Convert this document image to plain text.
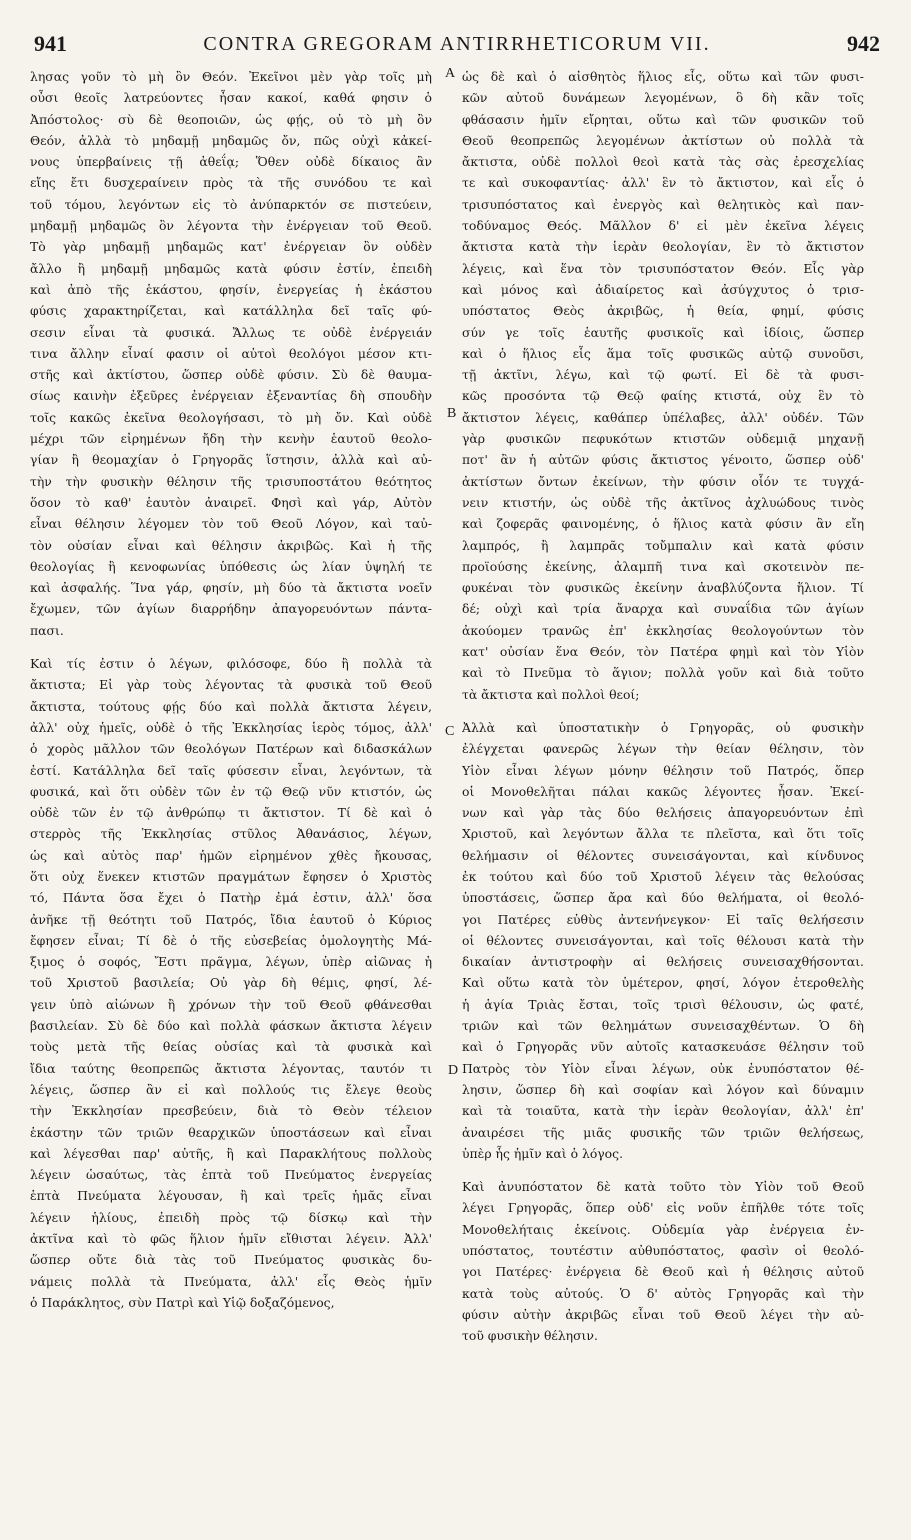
941	CONTRA GREGORAM ANTIRRHETICORUM VII.	942
λησας γοῦν τὸ μὴ ὂν Θεόν. Ἐκεῖνοι μὲν γὰρ τοῖς μὴ
οὖσι θεοῖς λατρεύοντες ἦσαν κακοί, καθά φησιν ὁ
Ἀπόστολος· σὺ δὲ θεοποιῶν, ὡς φῄς, οὐ τὸ μὴ ὂν
Θεόν, ἀλλὰ τὸ μηδαμῇ μηδαμῶς ὄν, πῶς οὐχὶ κἀκεί-
νους ὑπερβαίνεις τῇ ἀθεΐᾳ; Ὅθεν οὐδὲ δίκαιος ἂν
εἴης ἔτι δυσχεραίνειν πρὸς τὰ τῆς συνόδου τε καὶ
τοῦ τόμου, λεγόντων εἰς τὸ ἀνύπαρκτόν σε πιστεύειν,
μηδαμῇ μηδαμῶς ὂν λέγοντα τὴν ἐνέργειαν τοῦ Θεοῦ.
Τὸ γὰρ μηδαμῇ μηδαμῶς κατ' ἐνέργειαν ὂν οὐδὲν
ἄλλο ἢ μηδαμῇ μηδαμῶς κατὰ φύσιν ἐστίν, ἐπειδὴ
καὶ ἀπὸ τῆς ἑκάστου, φησίν, ἐνεργείας ἡ ἑκάστου
φύσις χαρακτηρίζεται, καὶ κατάλληλα δεῖ ταῖς φύ-
σεσιν εἶναι τὰ φυσικά. Ἄλλως τε οὐδὲ ἐνέργειάν
τινα ἄλλην εἶναί φασιν οἱ αὐτοὶ θεολόγοι μέσον κτι-
στῆς καὶ ἀκτίστου, ὥσπερ οὐδὲ φύσιν. Σὺ δὲ θαυμα-
σίως καινὴν ἐξεῦρες ἐνέργειαν ἐξεναντίας δὴ σπουδὴν
τοῖς κακῶς ἐκεῖνα θεολογήσασι, τὸ μὴ ὄν. Καὶ οὐδὲ
μέχρι τῶν εἰρημένων ἤδη τὴν κενὴν ἑαυτοῦ θεολο-
γίαν ἢ θεομαχίαν ὁ Γρηγορᾶς ἵστησιν, ἀλλὰ καὶ αὐ-
τὴν τὴν φυσικὴν θέλησιν τῆς τρισυποστάτου θεότητος
ὅσον τὸ καθ' ἑαυτὸν ἀναιρεῖ. Φησὶ καὶ γάρ, Αὐτὸν
εἶναι θέλησιν λέγομεν τὸν τοῦ Θεοῦ Λόγον, καὶ ταὐ-
τὸν οὐσίαν εἶναι καὶ θέλησιν ἀκριβῶς. Καὶ ἡ τῆς
θεολογίας ἢ κενοφωνίας ὑπόθεσις ὡς λίαν ὑψηλή τε
καὶ ἀσφαλής. Ἵνα γάρ, φησίν, μὴ δύο τὰ ἄκτιστα νοεῖν
ἔχωμεν, τῶν ἁγίων διαρρήδην ἀπαγορευόντων πάντα-
πασι.
Καὶ τίς ἐστιν ὁ λέγων, φιλόσοφε, δύο ἢ πολλὰ τὰ
ἄκτιστα; Εἰ γὰρ τοὺς λέγοντας τὰ φυσικὰ τοῦ Θεοῦ
ἄκτιστα, τούτους φῄς δύο καὶ πολλὰ ἄκτιστα λέγειν,
ἀλλ' οὐχ ἡμεῖς, οὐδὲ ὁ τῆς Ἐκκλησίας ἱερὸς τόμος, ἀλλ'
ὁ χορὸς μᾶλλον τῶν θεολόγων Πατέρων καὶ διδασκάλων
ἐστί. Κατάλληλα δεῖ ταῖς φύσεσιν εἶναι, λεγόντων, τὰ
φυσικά, καὶ ὅτι οὐδὲν τῶν ἐν τῷ Θεῷ νῦν κτιστόν, ὡς
οὐδὲ τῶν ἐν τῷ ἀνθρώπῳ τι ἄκτιστον. Τί δὲ καὶ ὁ
στερρὸς τῆς Ἐκκλησίας στῦλος Ἀθανάσιος, λέγων,
ὡς καὶ αὐτὸς παρ' ἡμῶν εἰρημένον χθὲς ἤκουσας,
ὅτι οὐχ ἕνεκεν κτιστῶν πραγμάτων ἔφησεν ὁ Χριστὸς
τό, Πάντα ὅσα ἔχει ὁ Πατὴρ ἐμά ἐστιν, ἀλλ' ὅσα
ἀνῆκε τῇ θεότητι τοῦ Πατρός, ἴδια ἑαυτοῦ ὁ Κύριος
ἔφησεν εἶναι; Τί δὲ ὁ τῆς εὐσεβείας ὁμολογητὴς Μά-
ξιμος ὁ σοφός, Ἔστι πρᾶγμα, λέγων, ὑπὲρ αἰῶνας ἡ
τοῦ Χριστοῦ βασιλεία; Οὐ γὰρ δὴ θέμις, φησί, λέ-
γειν ὑπὸ αἰώνων ἢ χρόνων τὴν τοῦ Θεοῦ φθάνεσθαι
βασιλείαν. Σὺ δὲ δύο καὶ πολλὰ φάσκων ἄκτιστα λέγειν
τοὺς μετὰ τῆς θείας οὐσίας καὶ τὰ φυσικὰ καὶ
ἴδια ταύτης θεοπρεπῶς ἄκτιστα λέγοντας, ταυτόν τι
λέγεις, ὥσπερ ἂν εἰ καὶ πολλούς τις ἔλεγε θεοὺς
τὴν Ἐκκλησίαν πρεσβεύειν, διὰ τὸ Θεὸν τέλειον
ἑκάστην τῶν τριῶν θεαρχικῶν ὑποστάσεων καὶ εἶναι
καὶ λέγεσθαι παρ' αὐτῆς, ἢ καὶ Παρακλήτους πολλοὺς
λέγειν ὡσαύτως, τὰς ἑπτὰ τοῦ Πνεύματος ἐνεργείας
ἑπτὰ Πνεύματα λέγουσαν, ἢ καὶ τρεῖς ἡμᾶς εἶναι
λέγειν ἡλίους, ἐπειδὴ πρὸς τῷ δίσκῳ καὶ τὴν
ἀκτῖνα καὶ τὸ φῶς ἥλιον ἡμῖν εἴθισται λέγειν. Ἀλλ'
ὥσπερ οὔτε διὰ τὰς τοῦ Πνεύματος φυσικὰς δυ-
νάμεις πολλὰ τὰ Πνεύματα, ἀλλ' εἷς Θεὸς ἡμῖν
ὁ Παράκλητος, σὺν Πατρὶ καὶ Υἱῷ δοξαζόμενος,
ὡς δὲ καὶ ὁ αἰσθητὸς ἥλιος εἷς, οὕτω καὶ τῶν φυσι-
κῶν αὐτοῦ δυνάμεων λεγομένων, ὃ δὴ κἂν τοῖς
φθάσασιν ἡμῖν εἴρηται, οὕτω καὶ τῶν φυσικῶν τοῦ
Θεοῦ θεοπρεπῶς λεγομένων ἀκτίστων οὐ πολλὰ τὰ
ἄκτιστα, οὐδὲ πολλοὶ θεοὶ κατὰ τὰς σὰς ἐρεσχελίας
τε καὶ συκοφαντίας· ἀλλ' ἓν τὸ ἄκτιστον, καὶ εἷς ὁ
τρισυπόστατος καὶ ἐνεργὸς καὶ θελητικὸς καὶ παν-
τοδύναμος Θεός. Μᾶλλον δ' εἰ μὲν ἐκεῖνα λέγεις
ἄκτιστα κατὰ τὴν ἱερὰν θεολογίαν, ἓν τὸ ἄκτιστον
λέγεις, καὶ ἕνα τὸν τρισυπόστατον Θεόν. Εἷς γὰρ
καὶ μόνος καὶ ἀδιαίρετος καὶ ἀσύγχυτος ὁ τρισ-
υπόστατος Θεὸς ἀκριβῶς, ἡ θεία, φημί, φύσις
σύν γε τοῖς ἑαυτῆς φυσικοῖς καὶ ἰδίοις, ὥσπερ
καὶ ὁ ἥλιος εἷς ἅμα τοῖς φυσικῶς αὐτῷ συνοῦσι,
τῇ ἀκτῖνι, λέγω, καὶ τῷ φωτί. Εἰ δὲ τὰ φυσι-
κῶς προσόντα τῷ Θεῷ φαίης κτιστά, οὐχ ἓν τὸ
ἄκτιστον λέγεις, καθάπερ ὑπέλαβες, ἀλλ' οὐδέν. Τῶν
γὰρ φυσικῶν πεφυκότων κτιστῶν οὐδεμιᾷ μηχανῇ
ποτ' ἂν ἡ αὐτῶν φύσις ἄκτιστος γένοιτο, ὥσπερ οὐδ'
ἀκτίστων ὄντων ἐκείνων, τὴν φύσιν οἷόν τε τυγχά-
νειν κτιστήν, ὡς οὐδὲ τῆς ἀκτῖνος ἀχλυώδους τινὸς
καὶ ζοφερᾶς φαινομένης, ὁ ἥλιος κατὰ φύσιν ἂν εἴη
λαμπρός, ἢ λαμπρᾶς τοὔμπαλιν καὶ κατὰ φύσιν
προϊούσης ἐκείνης, ἀλαμπῆ τινα καὶ σκοτεινὸν πε-
φυκέναι τὸν φυσικῶς ἐκείνην ἀναβλύζοντα ἥλιον. Τί
δέ; οὐχὶ καὶ τρία ἄναρχα καὶ συναΐδια τῶν ἁγίων
ἀκούομεν τρανῶς ἐπ' ἐκκλησίας θεολογούντων τὸν
κατ' οὐσίαν ἕνα Θεόν, τὸν Πατέρα φημὶ καὶ τὸν Υἱὸν
καὶ τὸ Πνεῦμα τὸ ἅγιον; πολλὰ γοῦν καὶ διὰ τοῦτο
τὰ ἄκτιστα καὶ πολλοὶ θεοί;
Ἀλλὰ καὶ ὑποστατικὴν ὁ Γρηγορᾶς, οὐ φυσικὴν
ἐλέγχεται φανερῶς λέγων τὴν θείαν θέλησιν, τὸν
Υἱὸν εἶναι λέγων μόνην θέλησιν τοῦ Πατρός, ὅπερ
οἱ Μονοθελῆται πάλαι κακῶς λέγοντες ἦσαν. Ἐκεί-
νων καὶ γὰρ τὰς δύο θελήσεις ἀπαγορευόντων ἐπὶ
Χριστοῦ, καὶ λεγόντων ἄλλα τε πλεῖστα, καὶ ὅτι τοῖς
θελήμασιν οἱ θέλοντες συνεισάγονται, καὶ κίνδυνος
ἐκ τούτου καὶ δύο τοῦ Χριστοῦ λέγειν τὰς θελούσας
ὑποστάσεις, ὥσπερ ἄρα καὶ δύο θελήματα, οἱ θεολό-
γοι Πατέρες εὐθὺς ἀντενήνεγκον· Εἰ ταῖς θελήσεσιν
οἱ θέλοντες συνεισάγονται, καὶ τοῖς θέλουσι κατὰ τὴν
δικαίαν ἀντιστροφὴν αἱ θελήσεις συνεισαχθήσονται.
Καὶ οὕτω κατὰ τὸν ὑμέτερον, φησί, λόγον ἑτεροθελὴς
ἡ ἁγία Τριὰς ἔσται, τοῖς τρισὶ θέλουσιν, ὡς φατέ,
τριῶν καὶ τῶν θελημάτων συνεισαχθέντων. Ὁ δὴ
καὶ ὁ Γρηγορᾶς νῦν αὐτοῖς κατασκευάσε θέλησιν τοῦ
Πατρὸς τὸν Υἱὸν εἶναι λέγων, οὐκ ἐνυπόστατον θέ-
λησιν, ὥσπερ δὴ καὶ σοφίαν καὶ λόγον καὶ δύναμιν
καὶ τὰ τοιαῦτα, κατὰ τὴν ἱερὰν θεολογίαν, ἀλλ' ἐπ'
ἀναιρέσει τῆς μιᾶς φυσικῆς τῶν τριῶν θελήσεως,
ὑπὲρ ἧς ἡμῖν καὶ ὁ λόγος.
Καὶ ἀνυπόστατον δὲ κατὰ τοῦτο τὸν Υἱὸν τοῦ Θεοῦ
λέγει Γρηγορᾶς, ὅπερ οὐδ' εἰς νοῦν ἐπῆλθε τότε τοῖς
Μονοθελήταις ἐκείνοις. Οὐδεμία γὰρ ἐνέργεια ἐν-
υπόστατος, τουτέστιν αὐθυπόστατος, φασὶν οἱ θεολό-
γοι Πατέρες· ἐνέργεια δὲ Θεοῦ καὶ ἡ θέλησις αὐτοῦ
κατὰ τοὺς αὐτούς. Ὁ δ' αὐτὸς Γρηγορᾶς καὶ τὴν
φύσιν αὐτὴν ἀκριβῶς εἶναι τοῦ Θεοῦ λέγει τὴν αὐ-
τοῦ φυσικὴν θέλησιν.
A
B
C
D
